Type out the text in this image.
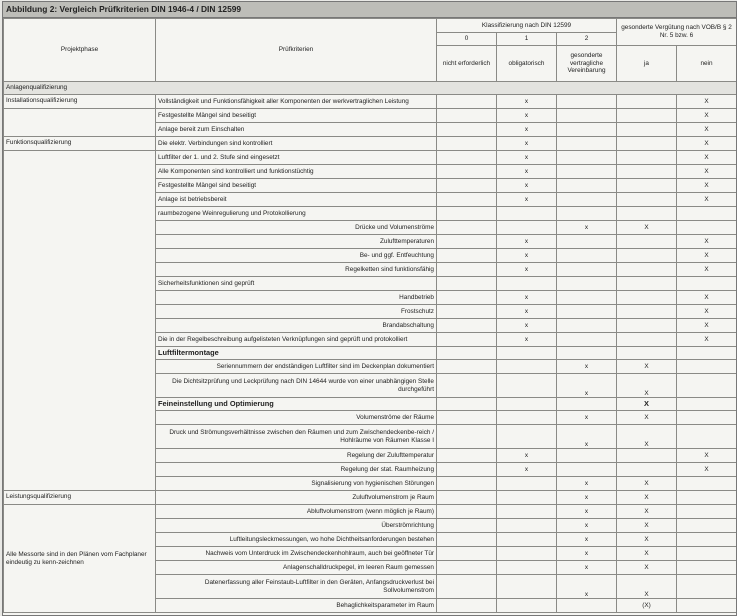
Abbildung 2: Vergleich Prüfkriterien DIN 1946-4 / DIN 12599
Projektphase	Prüfkriterien	Klassifizierung nach DIN 12599			gesonderte Vergütung nach VOB/B § 2 Nr. 5 bzw. 6	
		0	1	2		
		nicht erforderlich	obligatorisch	gesonderte vertragliche Vereinbarung	ja	nein
Anlagenqualifizierung						
Installationsqualifizierung	Vollständigkeit und Funktionsfähigkeit aller Komponenten der werkvertraglichen Leistung		x			X
	Festgestellte Mängel sind beseitigt		x			X
	Anlage bereit zum Einschalten		x			X
Funktionsqualifizierung	Die elektr. Verbindungen sind kontrolliert		x			X
	Luftfilter der 1. und 2. Stufe sind eingesetzt		x			X
	Alle Komponenten sind kontrolliert und funktionstüchtig		x			X
	Festgestellte Mängel sind beseitigt		x			X
	Anlage ist betriebsbereit		x			X
	raumbezogene Weinregulierung und Protokollierung					
	Drücke und Volumenströme			x	X	
	Zulufttemperaturen		x			X
	Be- und ggf. Entfeuchtung		x			X
	Regelketten sind funktionsfähig		x			X
	Sicherheitsfunktionen sind geprüft					
	Handbetrieb		x			X
	Frostschutz		x			X
	Brandabschaltung		x			X
	Die in der Regelbeschreibung aufgelisteten Verknüpfungen sind geprüft und protokolliert		x			X
	Luftfiltermontage					
	Seriennummern der endständigen Luftfilter sind im Deckenplan dokumentiert			x	X	
	Die Dichtsitzprüfung und Leckprüfung nach DIN 14644 wurde von einer unabhängigen Stelle durchgeführt			x	X	
	Feineinstellung und Optimierung				X	
	Volumenströme der Räume			x	X	
	Druck und Strömungsverhältnisse zwischen den Räumen und zum Zwischendeckenbe-reich / Hohlräume von Räumen Klasse I			x	X	
	Regelung der Zulufttemperatur		x			X
	Regelung der stat. Raumheizung		x			X
	Signalisierung von hygienischen Störungen			x	X	
Leistungsqualifizierung	Zuluftvolumenstrom je Raum			x	X	
Alle Messorte sind in den Plänen vom Fachplaner eindeutig zu kenn-zeichnen	Abluftvolumenstrom (wenn möglich je Raum)			x	X	
	Überströmrichtung			x	X	
	Luftleitungsleckmessungen, wo hohe Dichtheitsanforderungen bestehen			x	X	
	Nachweis vom Unterdruck im Zwischendeckenhohlraum, auch bei geöffneter Tür			x	X	
	Anlagenschalldruckpegel, im leeren Raum gemessen			x	X	
	Datenerfassung aller Feinstaub-Luftfilter in den Geräten, Anfangsdruckverlust bei Sollvolumenstrom			x	X	
	Behaglichkeitsparameter im Raum				(X)	
